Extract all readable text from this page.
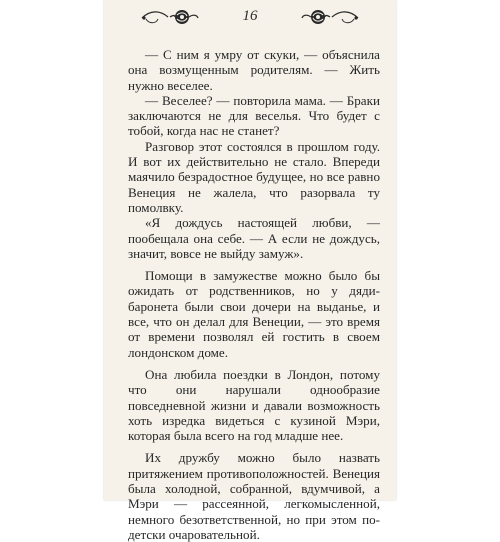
16

— С ним я умру от скуки, — объяснила она возмущенным родителям. — Жить нужно веселее.

— Веселее? — повторила мама. — Браки заключаются не для веселья. Что будет с тобой, когда нас не станет?

Разговор этот состоялся в прошлом году. И вот их действительно не стало. Впереди маячило безрадостное будущее, но все равно Венеция не жалела, что разорвала ту помолвку.

«Я дождусь настоящей любви, — пообещала она себе. — А если не дождусь, значит, вовсе не выйду замуж».

Помощи в замужестве можно было бы ожидать от родственников, но у дяди-баронета были свои дочери на выданье, и все, что он делал для Венеции, — это время от времени позволял ей гостить в своем лондонском доме.

Она любила поездки в Лондон, потому что они нарушали однообразие повседневной жизни и давали возможность хоть изредка видеться с кузиной Мэри, которая была всего на год младше нее.

Их дружбу можно было назвать притяжением противоположностей. Венеция была холодной, собранной, вдумчивой, а Мэри — рассеянной, легкомысленной, немного безответственной, но при этом по-детски очаровательной.
